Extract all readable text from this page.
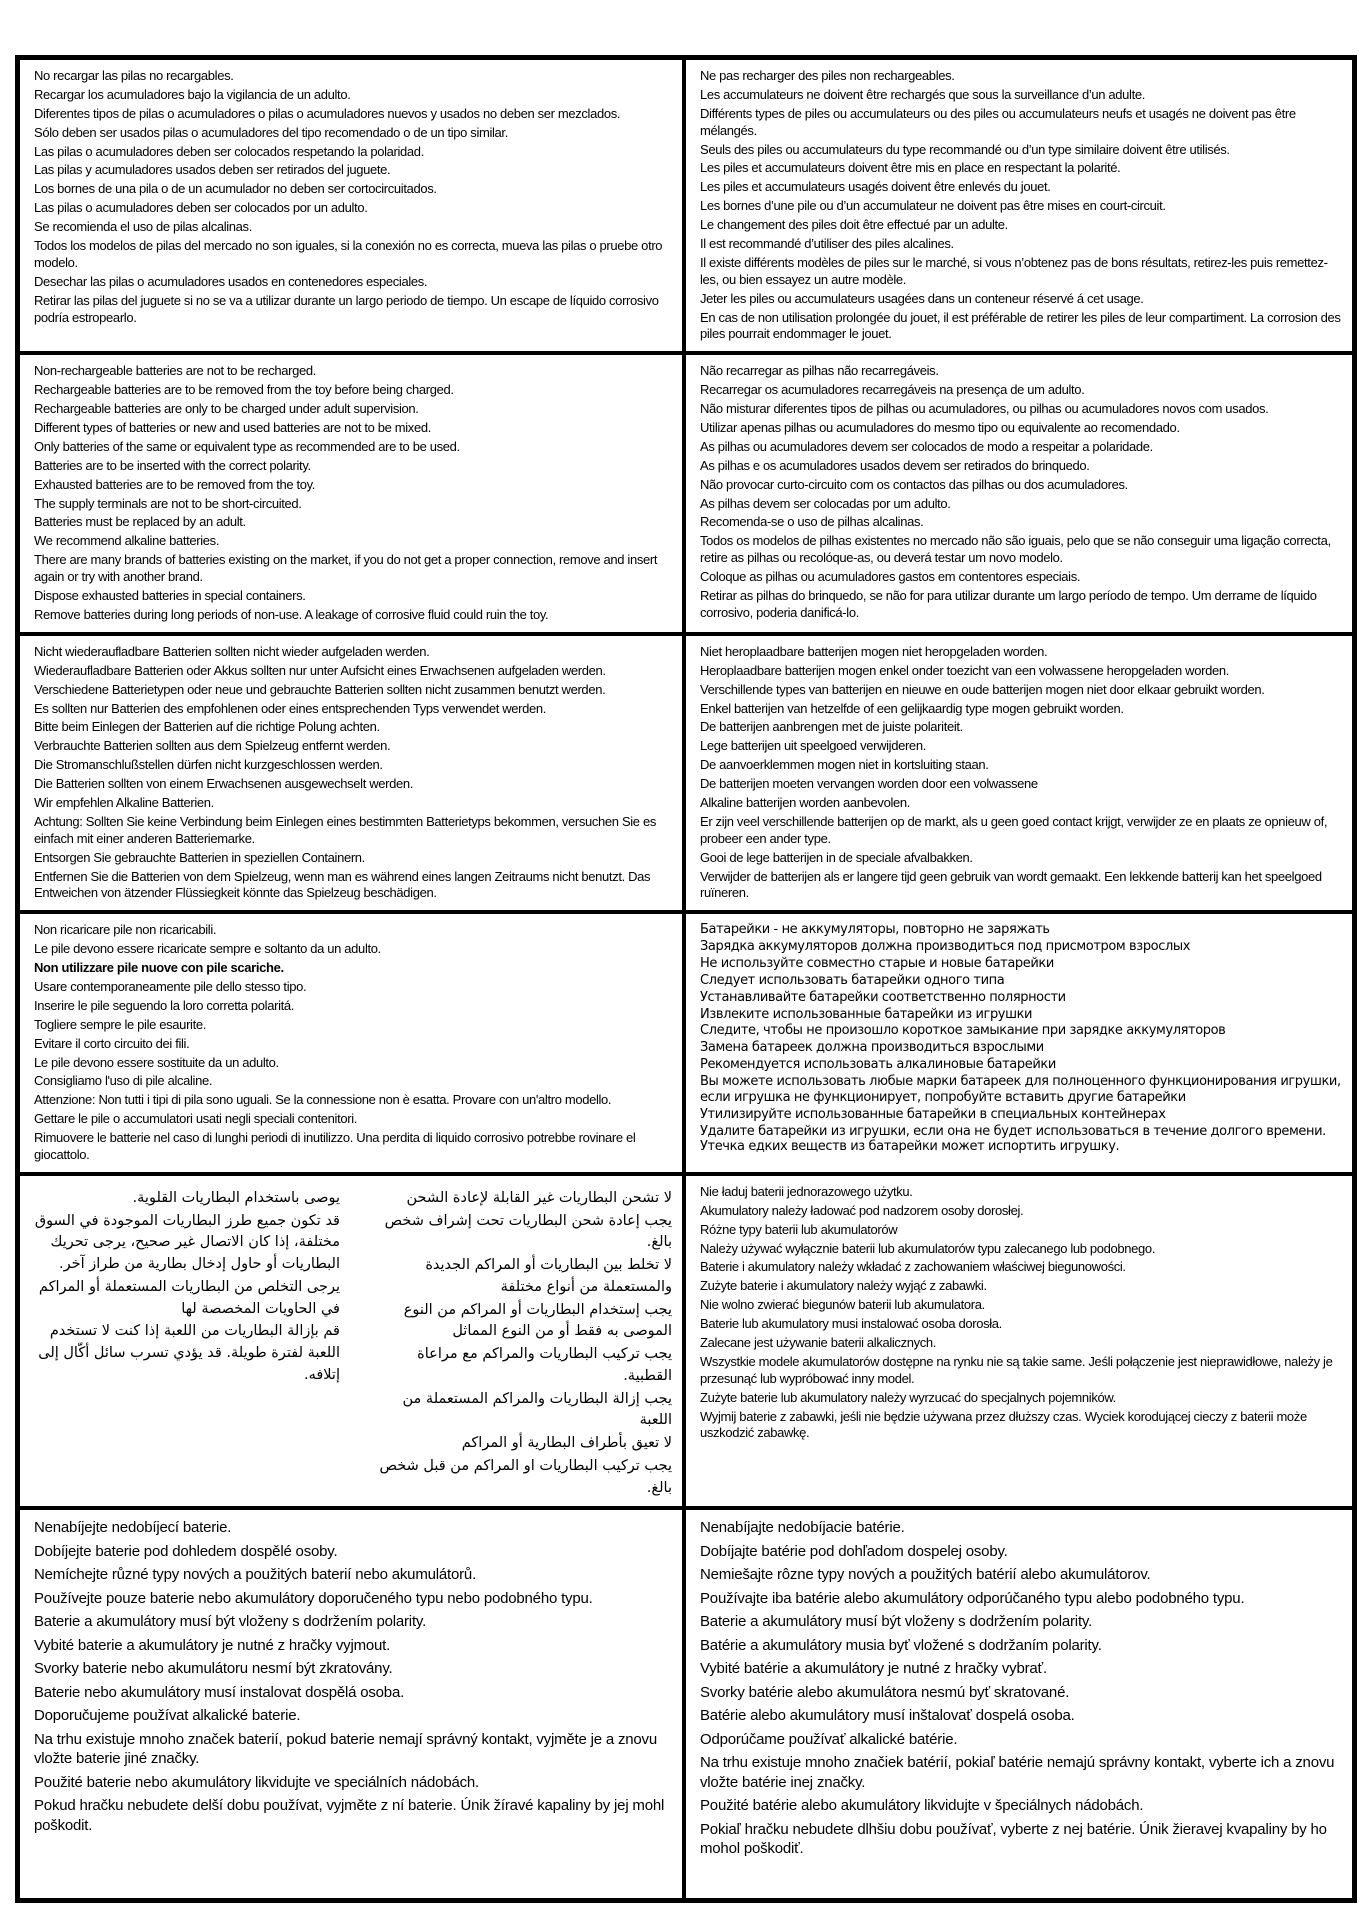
No recargar las pilas no recargables.

Recargar los acumuladores bajo la vigilancia de un adulto.

Diferentes tipos de pilas o acumuladores o pilas o acumuladores nuevos y usados no deben ser mezclados.

Sólo deben ser usados pilas o acumuladores del tipo recomendado o de un tipo similar.

Las pilas o acumuladores deben ser colocados respetando la polaridad.

Las pilas y acumuladores usados deben ser retirados del juguete.

Los bornes de una pila o de un acumulador no deben ser cortocircuitados.

Las pilas o acumuladores deben ser colocados por un adulto.

Se recomienda el uso de pilas alcalinas.

Todos los modelos de pilas del mercado no son iguales, si la conexión no es correcta, mueva las pilas o pruebe otro modelo.

Desechar las pilas o acumuladores usados en contenedores especiales.

Retirar las pilas del juguete si no se va a utilizar durante un largo periodo de tiempo. Un escape de líquido corrosivo podría estropearlo.

Ne pas recharger des piles non rechargeables.

Les accumulateurs ne doivent être rechargés que sous la surveillance d’un adulte.

Différents types de piles ou accumulateurs ou des piles ou accumulateurs neufs et usagés ne doivent pas être mélangés.

Seuls des piles ou accumulateurs du type recommandé ou d’un type similaire doivent être utilisés.

Les piles et accumulateurs doivent être mis en place en respectant la polarité.

Les piles et accumulateurs usagés doivent être enlevés du jouet.

Les bornes d’une pile ou d’un accumulateur ne doivent pas être mises en court-circuit.

Le changement des piles doit être effectué par un adulte.

Il est recommandé d’utiliser des piles alcalines.

Il existe différents modèles de piles sur le marché, si vous n’obtenez pas de bons résultats, retirez-les puis remettez-les, ou bien essayez un autre modèle.

Jeter les piles ou accumulateurs usagées dans un conteneur réservé á cet usage.

En cas de non utilisation prolongée du jouet, il est préférable de retirer les piles de leur compartiment. La corrosion des piles pourrait endommager le jouet.

Non-rechargeable batteries are not to be recharged.

Rechargeable batteries are to be removed from the toy before being charged.

Rechargeable batteries are only to be charged under adult supervision.

Different types of batteries or new and used batteries are not to be mixed.

Only batteries of the same or equivalent type as recommended are to be used.

Batteries are to be inserted with the correct polarity.

Exhausted batteries are to be removed from the toy.

The supply terminals are not to be short-circuited.

Batteries must be replaced by an adult.

We recommend alkaline batteries.

There are many brands of batteries existing on the market, if you do not get a proper connection, remove and insert again or try with another brand.

Dispose exhausted batteries in special containers.

Remove batteries during long periods of non-use. A leakage of corrosive fluid could ruin the toy.

Não recarregar as pilhas não recarregáveis.

Recarregar os acumuladores recarregáveis na presença de um adulto.

Não misturar diferentes tipos de pilhas ou acumuladores, ou pilhas ou acumuladores novos com usados.

Utilizar apenas pilhas ou acumuladores do mesmo tipo ou equivalente ao recomendado.

As pilhas ou acumuladores devem ser colocados de modo a respeitar a polaridade.

As pilhas e os acumuladores usados devem ser retirados do brinquedo.

Não provocar curto-circuito com os contactos das pilhas ou dos acumuladores.

As pilhas devem ser colocadas por um adulto.

Recomenda-se o uso de pilhas alcalinas.

Todos os modelos de pilhas existentes no mercado não são iguais, pelo que se não conseguir uma ligação correcta, retire as pilhas ou recolóque-as, ou deverá testar um novo modelo.

Coloque as pilhas ou acumuladores gastos em contentores especiais.

Retirar as pilhas do brinquedo, se não for para utilizar durante um largo período de tempo. Um derrame de líquido corrosivo, poderia danificá-lo.

Nicht wiederaufladbare Batterien sollten nicht wieder aufgeladen werden.

Wiederaufladbare Batterien oder Akkus sollten nur unter Aufsicht eines Erwachsenen aufgeladen werden.

Verschiedene Batterietypen oder neue und gebrauchte Batterien sollten nicht zusammen benutzt werden.

Es sollten nur Batterien des empfohlenen oder eines entsprechenden Typs verwendet werden.

Bitte beim Einlegen der Batterien auf die richtige Polung achten.

Verbrauchte Batterien sollten aus dem Spielzeug entfernt werden.

Die Stromanschlußstellen dürfen nicht kurzgeschlossen werden.

Die Batterien sollten von einem Erwachsenen ausgewechselt werden.

Wir empfehlen Alkaline Batterien.

Achtung: Sollten Sie keine Verbindung beim Einlegen eines bestimmten Batterietyps bekommen, versuchen Sie es einfach mit einer anderen Batteriemarke.

Entsorgen Sie gebrauchte Batterien in speziellen Containern.

Entfernen Sie die Batterien von dem Spielzeug, wenn man es während eines langen Zeitraums nicht benutzt. Das Entweichen von ätzender Flüssiegkeit könnte das Spielzeug beschädigen.

Niet heroplaadbare batterijen mogen niet heropgeladen worden.

Heroplaadbare batterijen mogen enkel onder toezicht van een volwassene heropgeladen worden.

Verschillende types van batterijen en nieuwe en oude batterijen mogen niet door elkaar gebruikt worden.

Enkel batterijen van hetzelfde of een gelijkaardig type mogen gebruikt worden.

De batterijen aanbrengen met de juiste polariteit.

Lege batterijen uit speelgoed verwijderen.

De aanvoerklemmen mogen niet in kortsluiting staan.

De batterijen moeten vervangen worden door een volwassene

Alkaline batterijen worden aanbevolen.

Er zijn veel verschillende batterijen op de markt, als u geen goed contact krijgt, verwijder ze en plaats ze opnieuw of, probeer een ander type.

Gooi de lege batterijen in de speciale afvalbakken.

Verwijder de batterijen als er langere tijd geen gebruik van wordt gemaakt. Een lekkende batterij kan het speelgoed ruïneren.

Non ricaricare pile non ricaricabili.

Le pile devono essere ricaricate sempre e soltanto da un adulto.

Non utilizzare pile nuove con pile scariche.

Usare contemporaneamente pile dello stesso tipo.

Inserire le pile seguendo la loro corretta polaritá.

Togliere sempre le pile esaurite.

Evitare il corto circuito dei fili.

Le pile devono essere sostituite da un adulto.

Consigliamo l'uso di pile alcaline.

Attenzione: Non tutti i tipi di pila sono uguali. Se la connessione non è esatta. Provare con un'altro modello.

Gettare le pile o accumulatori usati negli speciali contenitori.

Rimuovere le batterie nel caso di lunghi periodi di inutilizzo. Una perdita di liquido corrosivo potrebbe rovinare el giocattolo.

Батарейки - не аккумуляторы, повторно не заряжать

Зарядка аккумуляторов должна производиться под присмотром взрослых

Не используйте совместно старые и новые батарейки

Следует использовать батарейки одного типа

Устанавливайте батарейки соответственно полярности

Извлеките использованные батарейки из игрушки

Следите, чтобы не произошло короткое замыкание при зарядке аккумуляторов

Замена батареек должна производиться взрослыми

Рекомендуется использовать алкалиновые батарейки

Вы можете использовать любые марки батареек для полноценного функционирования игрушки, если игрушка не функционирует, попробуйте вставить другие батарейки

Утилизируйте использованные батарейки в специальных контейнерах

Удалите батарейки из игрушки, если она не будет использоваться в течение долгого времени. Утечка едких веществ из батарейки может испортить игрушку.

لا تشحن البطاريات غير القابلة لإعادة الشحن

يجب إعادة شحن البطاريات تحت إشراف شخص بالغ.

لا تخلط بين البطاريات أو المراكم الجديدة والمستعملة من أنواع مختلفة

يجب إستخدام البطاريات أو المراكم من النوع الموصى به فقط أو من النوع المماثل

يجب تركيب البطاريات والمراكم مع مراعاة القطبية.

يجب إزالة البطاريات والمراكم المستعملة من اللعبة

لا تعيق بأطراف البطارية أو المراكم

يجب تركيب البطاريات او المراكم من قبل شخص بالغ.

يوصى باستخدام البطاريات القلوية.

قد تكون جميع طرز البطاريات الموجودة في السوق مختلفة، إذا كان الاتصال غير صحيح، يرجى تحريك البطاريات أو حاول إدخال بطارية من طراز آخر.

يرجى التخلص من البطاريات المستعملة أو المراكم في الحاويات المخصصة لها

قم بإزالة البطاريات من اللعبة إذا كنت لا تستخدم اللعبة لفترة طويلة. قد يؤدي تسرب سائل أكّال إلى إتلافه.

Nie ładuj baterii jednorazowego użytku.

Akumulatory należy ładować pod nadzorem osoby dorosłej.

Różne typy baterii lub akumulatorów

Należy używać wyłącznie baterii lub akumulatorów typu zalecanego lub podobnego.

Baterie i akumulatory należy wkładać z zachowaniem właściwej biegunowości.

Zużyte baterie i akumulatory należy wyjąć z zabawki.

Nie wolno zwierać biegunów baterii lub akumulatora.

Baterie lub akumulatory musi instalować osoba dorosła.

Zalecane jest używanie baterii alkalicznych.

Wszystkie modele akumulatorów dostępne na rynku nie są takie same. Jeśli połączenie jest nieprawidłowe, należy je przesunąć lub wypróbować inny model.

Zużyte baterie lub akumulatory należy wyrzucać do specjalnych pojemników.

Wyjmij baterie z zabawki, jeśli nie będzie używana przez dłuższy czas. Wyciek korodującej cieczy z baterii może uszkodzić zabawkę.

Nenabíjejte nedobíjecí baterie.

Dobíjejte baterie pod dohledem dospělé osoby.

Nemíchejte různé typy nových a použitých baterií nebo akumulátorů.

Používejte pouze baterie nebo akumulátory doporučeného typu nebo podobného typu.

Baterie a akumulátory musí být vloženy s dodržením polarity.

Vybité baterie a akumulátory je nutné z hračky vyjmout.

Svorky baterie nebo akumulátoru nesmí být zkratovány.

Baterie nebo akumulátory musí instalovat dospělá osoba.

Doporučujeme používat alkalické baterie.

Na trhu existuje mnoho značek baterií, pokud baterie nemají správný kontakt, vyjměte je a znovu vložte baterie jiné značky.

Použité baterie nebo akumulátory likvidujte ve speciálních nádobách.

Pokud hračku nebudete delší dobu používat, vyjměte z ní baterie. Únik žíravé kapaliny by jej mohl poškodit.

Nenabíjajte nedobíjacie batérie.

Dobíjajte batérie pod dohľadom dospelej osoby.

Nemiešajte rôzne typy nových a použitých batérií alebo akumulátorov.

Používajte iba batérie alebo akumulátory odporúčaného typu alebo podobného typu.

Baterie a akumulátory musí být vloženy s dodržením polarity.

Batérie a akumulátory musia byť vložené s dodržaním polarity.

Vybité batérie a akumulátory je nutné z hračky vybrať.

Svorky batérie alebo akumulátora nesmú byť skratované.

Batérie alebo akumulátory musí inštalovať dospelá osoba.

Odporúčame používať alkalické batérie.

Na trhu existuje mnoho značiek batérií, pokiaľ batérie nemajú správny kontakt, vyberte ich a znovu vložte batérie inej značky.

Použité batérie alebo akumulátory likvidujte v špeciálnych nádobách.

Pokiaľ hračku nebudete dlhšiu dobu používať, vyberte z nej batérie. Únik žieravej kvapaliny by ho mohol poškodiť.
